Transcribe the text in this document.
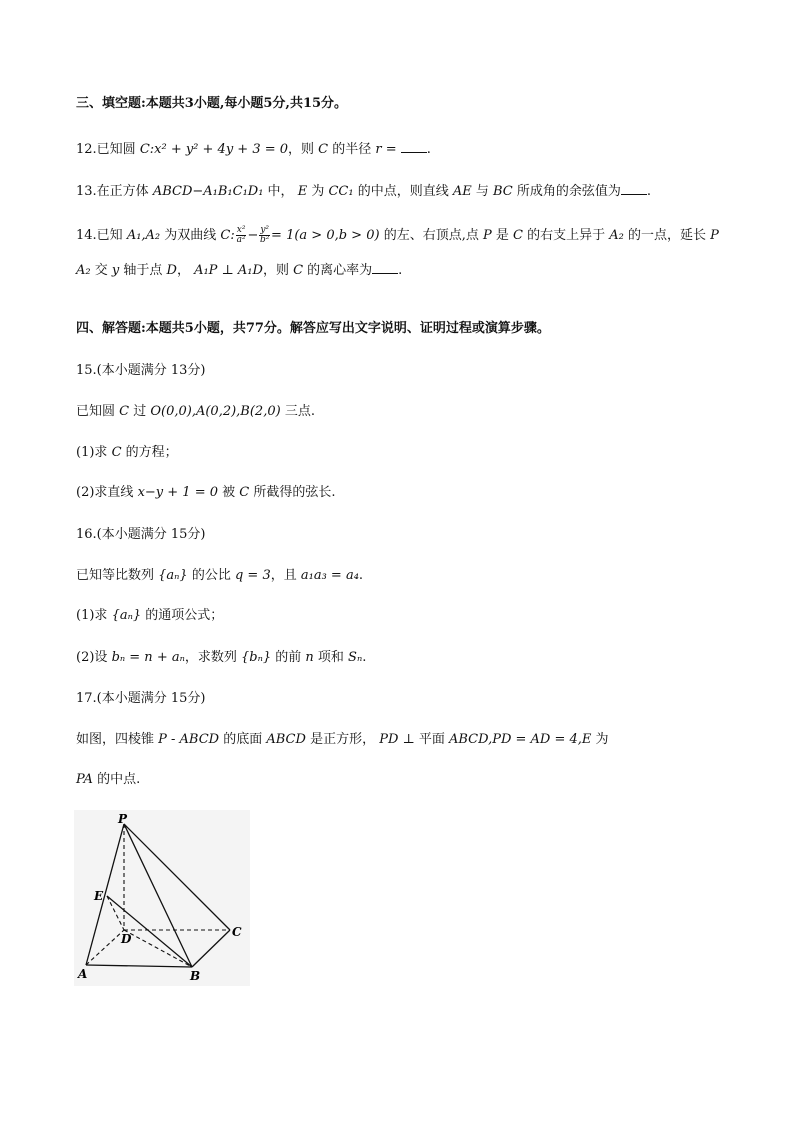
三、填空题:本题共3小题,每小题5分,共15分。
12.已知圆 C:x² + y² + 4y + 3 = 0，则 C 的半径 r = .
13.在正方体 ABCD−A₁B₁C₁D₁ 中， E 为 CC₁ 的中点，则直线 AE 与 BC 所成角的余弦值为 .
14.已知 A₁,A₂ 为双曲线 C: $\frac{\text{x²}}{\text{a²}} - \frac{\text{y²}}{\text{b²}} = 1(a > 0,b > 0)$ 的左、右顶点,点 P 是 C 的右支上异于 A₂ 的一点，延长 P
A₂ 交 y 轴于点 D， A₁P ⊥ A₁D，则 C 的离心率为 .
四、解答题:本题共5小题，共77分。解答应写出文字说明、证明过程或演算步骤。
15.(本小题满分 13分)
已知圆 C 过 O(0,0),A(0,2),B(2,0) 三点.
(1)求 C 的方程；
(2)求直线 x−y + 1 = 0 被 C 所截得的弦长.
16.(本小题满分 15分)
已知等比数列 {aₙ} 的公比 q = 3，且 a₁a₃ = a₄.
(1)求 {aₙ} 的通项公式；
(2)设 bₙ = n + aₙ，求数列 {bₙ} 的前 n 项和 Sₙ.
17.(本小题满分 15分)
如图，四棱锥 P - ABCD 的底面 ABCD 是正方形， PD ⊥ 平面 ABCD,PD = AD = 4,E 为
PA 的中点.
P
E
D
A	B
C
